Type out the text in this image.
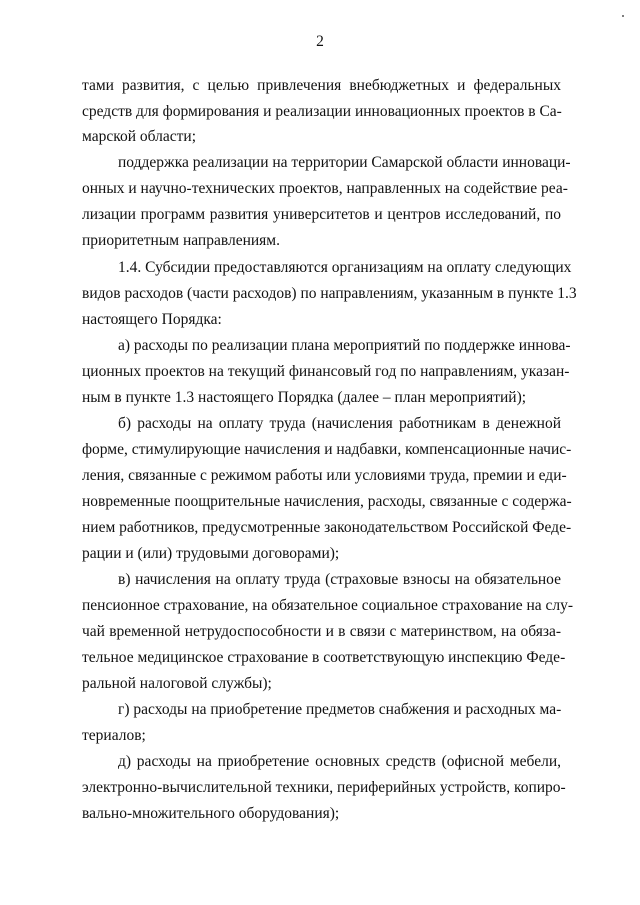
2
тами развития, с целью привлечения внебюджетных и федеральных
средств для формирования и реализации инновационных проектов в Са-
марской области;
поддержка реализации на территории Самарской области инноваци-
онных и научно-технических проектов, направленных на содействие реа-
лизации программ развития университетов и центров исследований, по
приоритетным направлениям.
1.4. Субсидии предоставляются организациям на оплату следующих
видов расходов (части расходов) по направлениям, указанным в пункте 1.3
настоящего Порядка:
а) расходы по реализации плана мероприятий по поддержке иннова-
ционных проектов на текущий финансовый год по направлениям, указан-
ным в пункте 1.3 настоящего Порядка (далее – план мероприятий);
б) расходы на оплату труда (начисления работникам в денежной
форме, стимулирующие начисления и надбавки, компенсационные начис-
ления, связанные с режимом работы или условиями труда, премии и еди-
новременные поощрительные начисления, расходы, связанные с содержа-
нием работников, предусмотренные законодательством Российской Феде-
рации и (или) трудовыми договорами);
в) начисления на оплату труда (страховые взносы на обязательное
пенсионное страхование, на обязательное социальное страхование на слу-
чай временной нетрудоспособности и в связи с материнством, на обяза-
тельное медицинское страхование в соответствующую инспекцию Феде-
ральной налоговой службы);
г) расходы на приобретение предметов снабжения и расходных ма-
териалов;
д) расходы на приобретение основных средств (офисной мебели,
электронно-вычислительной техники, периферийных устройств, копиро-
вально-множительного оборудования);
